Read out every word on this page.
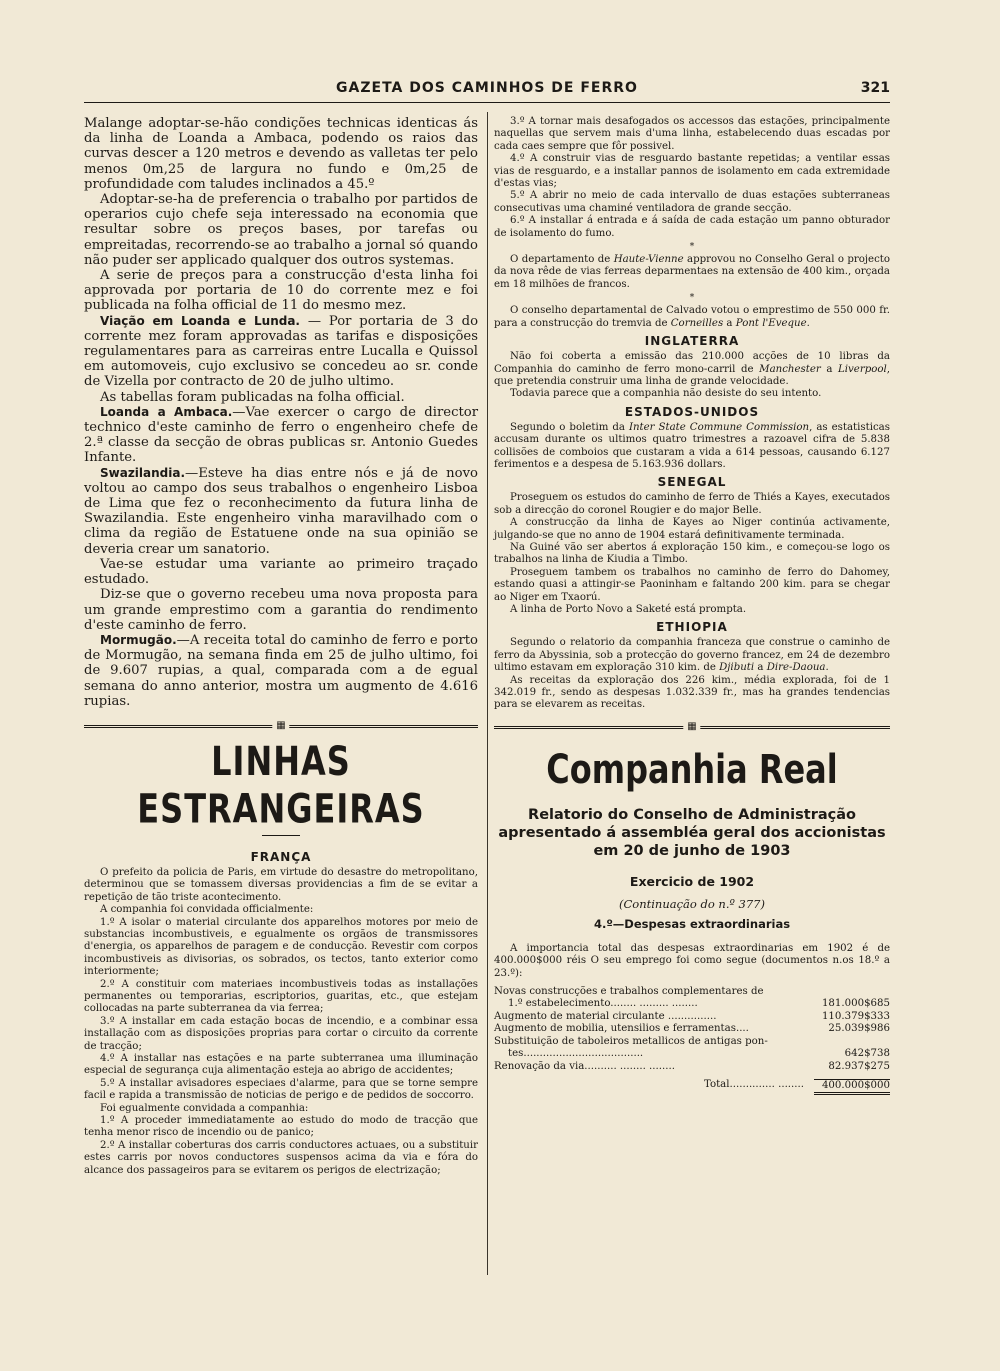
GAZETA DOS CAMINHOS DE FERRO	321

Malange adoptar-se-hão condições technicas identicas ás da linha de Loanda a Ambaca, podendo os raios das curvas descer a 120 metros e devendo as valletas ter pelo menos 0m,25 de largura no fundo e 0m,25 de profundidade com taludes inclinados a 45.º

Adoptar-se-ha de preferencia o trabalho por partidos de operarios cujo chefe seja interessado na economia que resultar sobre os preços bases, por tarefas ou empreitadas, recorrendo-se ao trabalho a jornal só quando não puder ser applicado qualquer dos outros systemas.

A serie de preços para a construcção d'esta linha foi approvada por portaria de 10 do corrente mez e foi publicada na folha official de 11 do mesmo mez.

Viação em Loanda e Lunda. — Por portaria de 3 do corrente mez foram approvadas as tarifas e disposições regulamentares para as carreiras entre Lucalla e Quissol em automoveis, cujo exclusivo se concedeu ao sr. conde de Vizella por contracto de 20 de julho ultimo.

As tabellas foram publicadas na folha official.

Loanda a Ambaca.—Vae exercer o cargo de director technico d'este caminho de ferro o engenheiro chefe de 2.ª classe da secção de obras publicas sr. Antonio Guedes Infante.

Swazilandia.—Esteve ha dias entre nós e já de novo voltou ao campo dos seus trabalhos o engenheiro Lisboa de Lima que fez o reconhecimento da futura linha de Swazilandia. Este engenheiro vinha maravilhado com o clima da região de Estatuene onde na sua opinião se deveria crear um sanatorio.

Vae-se estudar uma variante ao primeiro traçado estudado.

Diz-se que o governo recebeu uma nova proposta para um grande emprestimo com a garantia do rendimento d'este caminho de ferro.

Mormugão.—A receita total do caminho de ferro e porto de Mormugão, na semana finda em 25 de julho ultimo, foi de 9.607 rupias, a qual, comparada com a de egual semana do anno anterior, mostra um augmento de 4.616 rupias.

▦
LINHAS ESTRANGEIRAS
FRANÇA

O prefeito da policia de Paris, em virtude do desastre do metropolitano, determinou que se tomassem diversas providencias a fim de se evitar a repetição de tão triste acontecimento.

A companhia foi convidada officialmente:

1.º A isolar o material circulante dos apparelhos motores por meio de substancias incombustiveis, e egualmente os orgãos de transmissores d'energia, os apparelhos de paragem e de conducção. Revestir com corpos incombustiveis as divisorias, os sobrados, os tectos, tanto exterior como interiormente;

2.º A constituir com materiaes incombustiveis todas as installações permanentes ou temporarias, escriptorios, guaritas, etc., que estejam collocadas na parte subterranea da via ferrea;

3.º A installar em cada estação bocas de incendio, e a combinar essa installação com as disposições proprias para cortar o circuito da corrente de tracção;

4.º A installar nas estações e na parte subterranea uma illuminação especial de segurança cuja alimentação esteja ao abrigo de accidentes;

5.º A installar avisadores especiaes d'alarme, para que se torne sempre facil e rapida a transmissão de noticias de perigo e de pedidos de soccorro.

Foi egualmente convidada a companhia:

1.º A proceder immediatamente ao estudo do modo de tracção que tenha menor risco de incendio ou de panico;

2.º A installar coberturas dos carris conductores actuaes, ou a substituir estes carris por novos conductores suspensos acima da via e fóra do alcance dos passageiros para se evitarem os perigos de electrização;

3.º A tornar mais desafogados os accessos das estações, principalmente naquellas que servem mais d'uma linha, estabelecendo duas escadas por cada caes sempre que fôr possivel.

4.º A construir vias de resguardo bastante repetidas; a ventilar essas vias de resguardo, e a installar pannos de isolamento em cada extremidade d'estas vias;

5.º A abrir no meio de cada intervallo de duas estações subterraneas consecutivas uma chaminé ventiladora de grande secção.

6.º A installar á entrada e á saída de cada estação um panno obturador de isolamento do fumo.

*

O departamento de Haute-Vienne approvou no Conselho Geral o projecto da nova rêde de vias ferreas deparmentaes na extensão de 400 kim., orçada em 18 milhões de francos.

*

O conselho departamental de Calvado votou o emprestimo de 550 000 fr. para a construcção do tremvia de Corneilles a Pont l'Eveque.

INGLATERRA

Não foi coberta a emissão das 210.000 acções de 10 libras da Companhia do caminho de ferro mono-carril de Manchester a Liverpool, que pretendia construir uma linha de grande velocidade.

Todavia parece que a companhia não desiste do seu intento.

ESTADOS-UNIDOS

Segundo o boletim da Inter State Commune Commission, as estatisticas accusam durante os ultimos quatro trimestres a razoavel cifra de 5.838 collisões de comboios que custaram a vida a 614 pessoas, causando 6.127 ferimentos e a despesa de 5.163.936 dollars.

SENEGAL

Proseguem os estudos do caminho de ferro de Thiés a Kayes, executados sob a direcção do coronel Rougier e do major Belle.

A construcção da linha de Kayes ao Niger continúa activamente, julgando-se que no anno de 1904 estará definitivamente terminada.

Na Guiné vão ser abertos á exploração 150 kim., e começou-se logo os trabalhos na linha de Kiudia a Timbo.

Proseguem tambem os trabalhos no caminho de ferro do Dahomey, estando quasi a attingir-se Paoninham e faltando 200 kim. para se chegar ao Niger em Txaorú.

A linha de Porto Novo a Saketé está prompta.

ETHIOPIA

Segundo o relatorio da companhia franceza que construe o caminho de ferro da Abyssinia, sob a protecção do governo francez, em 24 de dezembro ultimo estavam em exploração 310 kim. de Djibuti a Dire-Daoua.

As receitas da exploração dos 226 kim., média explorada, foi de 1 342.019 fr., sendo as despesas 1.032.339 fr., mas ha grandes tendencias para se elevarem as receitas.

▦
Companhia Real
Relatorio do Conselho de Administração apresentado á assembléa geral dos accionistas em 20 de junho de 1903
Exercicio de 1902
(Continuação do n.º 377)
4.º—Despesas extraordinarias

A importancia total das despesas extraordinarias em 1902 é de 400.000$000 réis O seu emprego foi como segue (documentos n.os 18.º a 23.º):

Novas construcções e trabalhos complementares de
1.º estabelecimento........ ......... ........	181.000$685
Augmento de material circulante ...............	110.379$333
Augmento de mobilia, utensilios e ferramentas....	25.039$986
Substituição de taboleiros metallicos de antigas pon-
tes.....................................	642$738
Renovação da via.......... ........ ........	82.937$275
Total.............. ........	400.000$000
